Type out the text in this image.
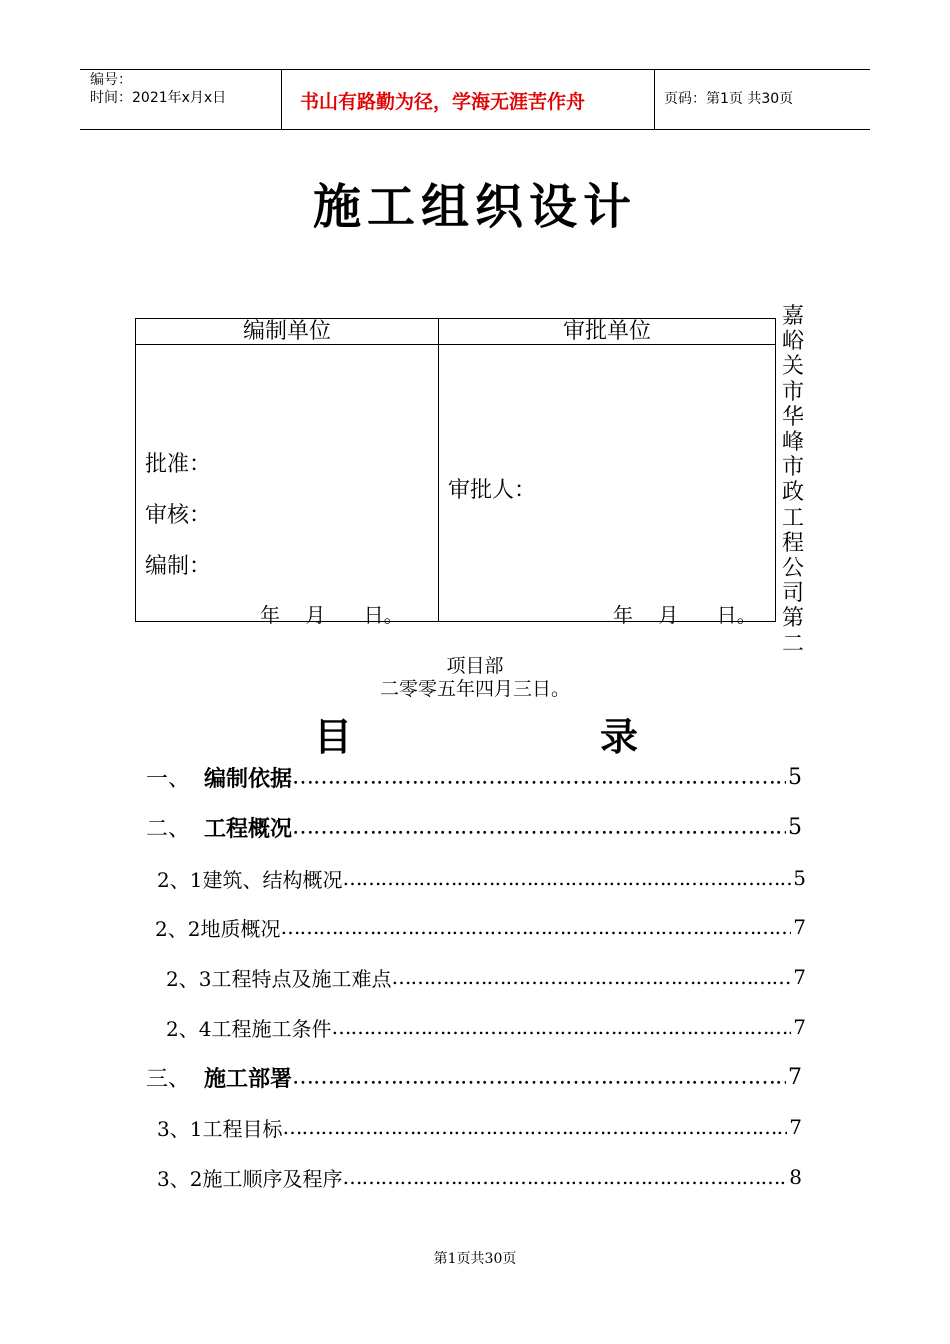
编号：
时间：2021年x月x日	书山有路勤为径，学海无涯苦作舟	页码：第1页 共30页
施工组织设计
编制单位	审批单位
批准：
审核：
编制：
年    月      日。
审批人：
年    月      日。
嘉峪关市华峰市政工程公司第二
项目部
二零零五年四月三日。
目	录
一、 编制依据 ………………………………………………………………………………………………………………………………………………	5
二、 工程概况 ………………………………………………………………………………………………………………………………………………	5
2、1建筑、结构概况 ………………………………………………………………………………………………………………………………………………	5
2、2地质概况 ………………………………………………………………………………………………………………………………………………	7
2、3工程特点及施工难点 ………………………………………………………………………………………………………………………………………………	7
2、4工程施工条件 ………………………………………………………………………………………………………………………………………………	7
三、 施工部署 ………………………………………………………………………………………………………………………………………………	7
3、1工程目标 ………………………………………………………………………………………………………………………………………………	7
3、2施工顺序及程序 ………………………………………………………………………………………………………………………………………………	8
第1页共30页
